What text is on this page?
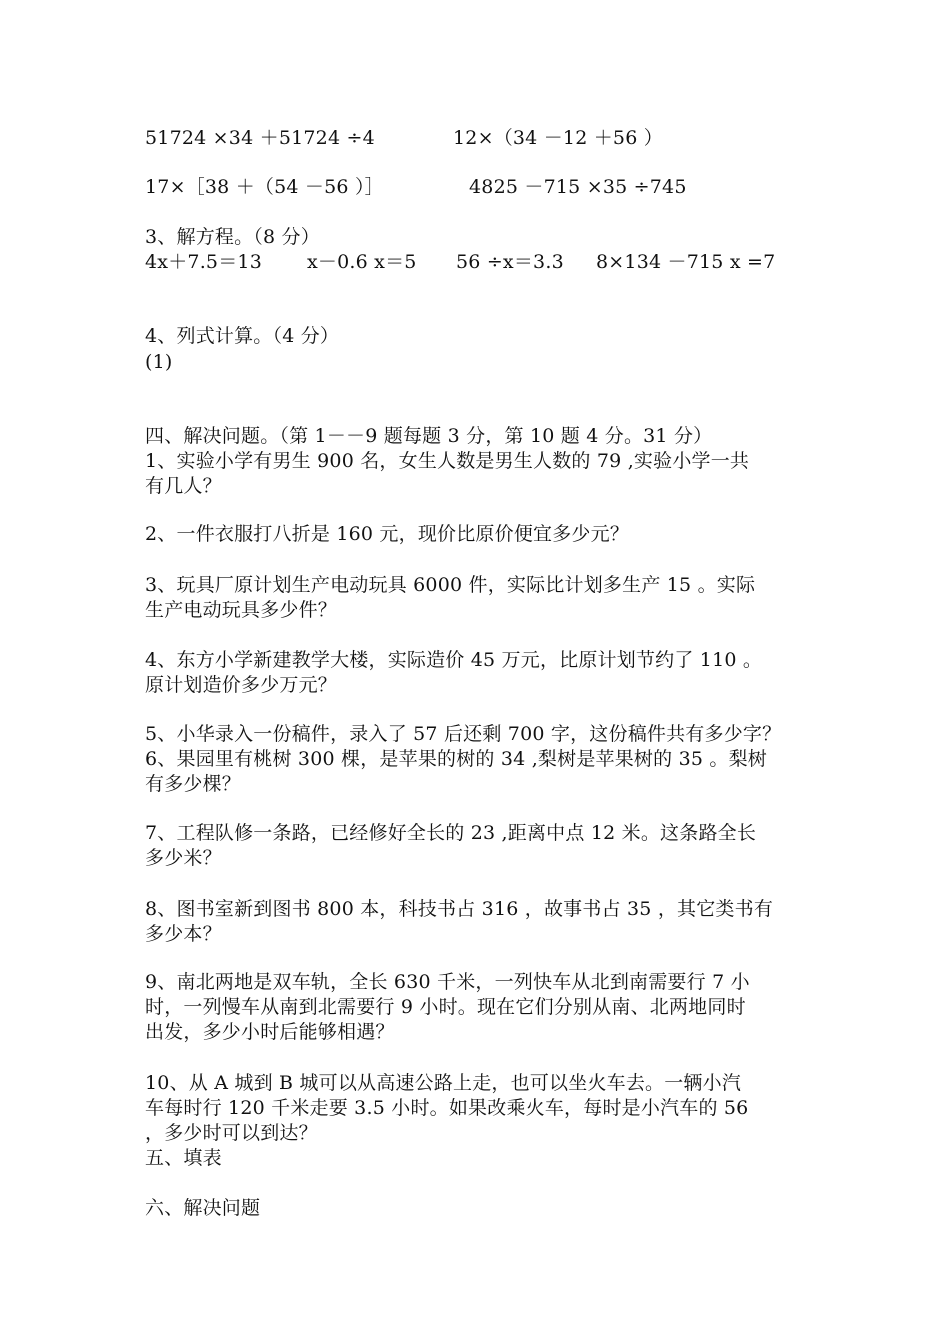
51724 ×34 ＋51724 ÷4	12×（34 －12 ＋56 ）
17×［38 ＋（54 －56 ）］	4825 －715 ×35 ÷745
3、解方程。（8 分）
4x＋7.5＝13 x－0.6 x＝5 56 ÷x＝3.3 8×134 －715 x =7
4、列式计算。（4 分）
(1)
四、解决问题。（第 1－－9 题每题 3 分，第 10 题 4 分。31 分）
1、实验小学有男生 900 名，女生人数是男生人数的 79 ,实验小学一共
有几人？
2、一件衣服打八折是 160 元，现价比原价便宜多少元？
3、玩具厂原计划生产电动玩具 6000 件，实际比计划多生产 15 。实际
生产电动玩具多少件？
4、东方小学新建教学大楼，实际造价 45 万元，比原计划节约了 110 。
原计划造价多少万元？
5、小华录入一份稿件，录入了 57 后还剩 700 字，这份稿件共有多少字？
6、果园里有桃树 300 棵，是苹果的树的 34 ,梨树是苹果树的 35 。梨树
有多少棵？
7、工程队修一条路，已经修好全长的 23 ,距离中点 12 米。这条路全长
多少米？
8、图书室新到图书 800 本，科技书占 316 ，故事书占 35 ，其它类书有
多少本？
9、南北两地是双车轨，全长 630 千米，一列快车从北到南需要行 7 小
时，一列慢车从南到北需要行 9 小时。现在它们分别从南、北两地同时
出发，多少小时后能够相遇？
10、从 A 城到 B 城可以从高速公路上走，也可以坐火车去。一辆小汽
车每时行 120 千米走要 3.5 小时。如果改乘火车，每时是小汽车的 56
，多少时可以到达？
五、填表
六、解决问题
